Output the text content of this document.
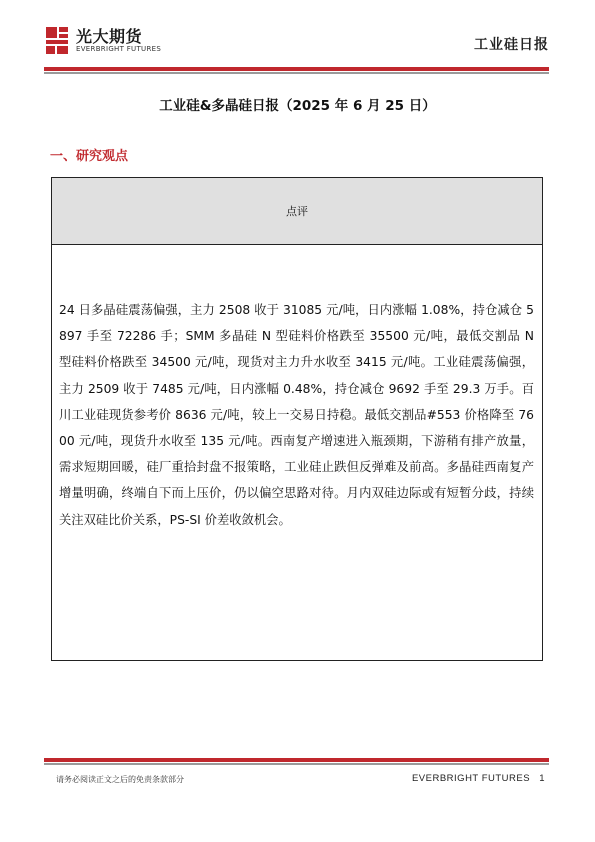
光大期货
EVERBRIGHT FUTURES	工业硅日报
工业硅&多晶硅日报（2025 年 6 月 25 日）
一、研究观点
点评
24 日多晶硅震荡偏强，主力 2508 收于 31085 元/吨，日内涨幅 1.08%，持仓减仓 5897 手至 72286 手；SMM 多晶硅 N 型硅料价格跌至 35500 元/吨，最低交割品 N 型硅料价格跌至 34500 元/吨，现货对主力升水收至 3415 元/吨。工业硅震荡偏强，主力 2509 收于 7485 元/吨，日内涨幅 0.48%，持仓减仓 9692 手至 29.3 万手。百川工业硅现货参考价 8636 元/吨，较上一交易日持稳。最低交割品#553 价格降至 7600 元/吨，现货升水收至 135 元/吨。西南复产增速进入瓶颈期，下游稍有排产放量，需求短期回暖，硅厂重拾封盘不报策略，工业硅止跌但反弹难及前高。多晶硅西南复产增量明确，终端自下而上压价，仍以偏空思路对待。月内双硅边际或有短暂分歧，持续关注双硅比价关系，PS-SI 价差收敛机会。
请务必阅读正文之后的免责条款部分	EVERBRIGHT FUTURES 1
